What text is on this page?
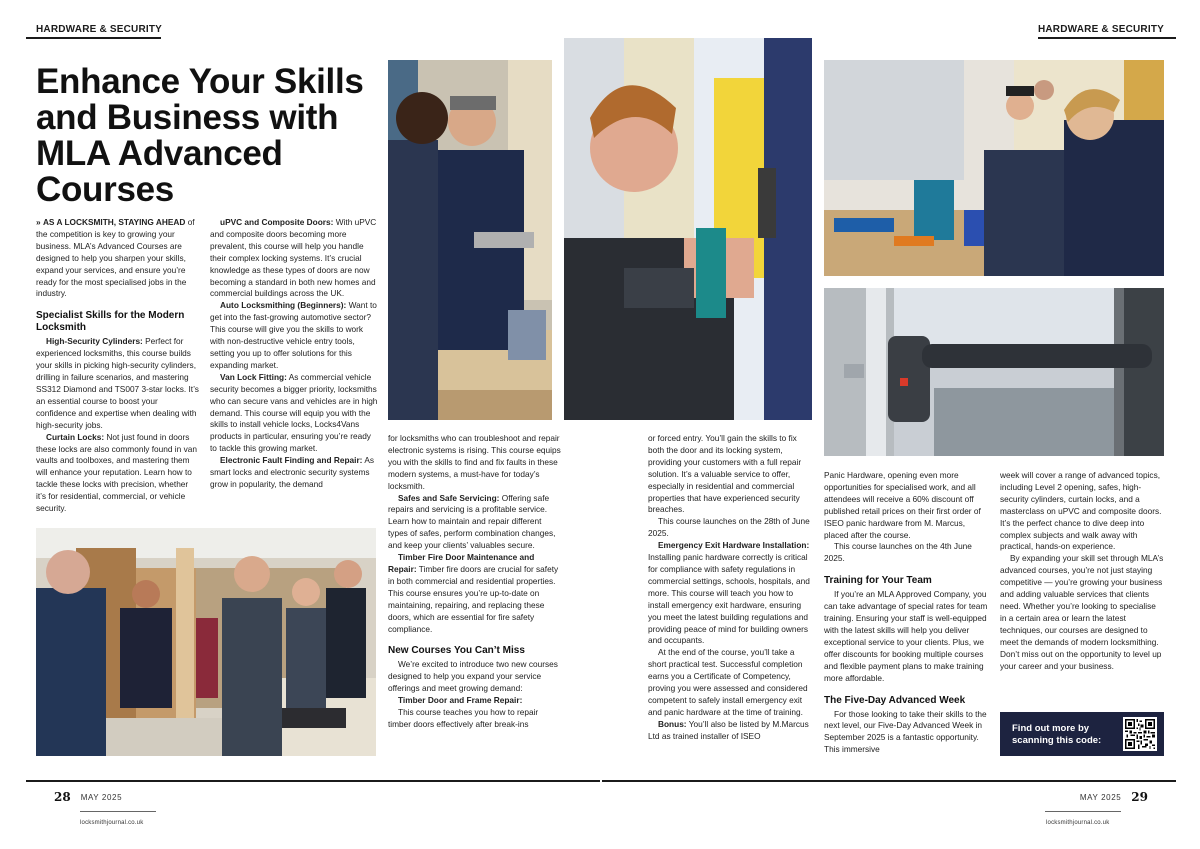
HARDWARE & SECURITY	HARDWARE & SECURITY
Enhance Your Skills and Business with MLA Advanced Courses

» AS A LOCKSMITH, STAYING AHEAD of the competition is key to growing your business. MLA’s Advanced Courses are designed to help you sharpen your skills, expand your services, and ensure you’re ready for the most specialised jobs in the industry.

Specialist Skills for the Modern Locksmith

High-Security Cylinders: Perfect for experienced locksmiths, this course builds your skills in picking high-security cylinders, drilling in failure scenarios, and mastering SS312 Diamond and TS007 3-star locks. It’s an essential course to boost your confidence and expertise when dealing with high-security jobs.

Curtain Locks: Not just found in doors these locks are also commonly found in van vaults and toolboxes, and mastering them will enhance your reputation. Learn how to tackle these locks with precision, whether it’s for residential, commercial, or vehicle security.

uPVC and Composite Doors: With uPVC and composite doors becoming more prevalent, this course will help you handle their complex locking systems. It’s crucial knowledge as these types of doors are now becoming a standard in both new homes and commercial buildings across the UK.

Auto Locksmithing (Beginners): Want to get into the fast-growing automotive sector? This course will give you the skills to work with non-destructive vehicle entry tools, setting you up to offer solutions for this expanding market.

Van Lock Fitting: As commercial vehicle security becomes a bigger priority, locksmiths who can secure vans and vehicles are in high demand. This course will equip you with the skills to install vehicle locks, Locks4Vans products in particular, ensuring you’re ready to tackle this growing market.

Electronic Fault Finding and Repair: As smart locks and electronic security systems grow in popularity, the demand

for locksmiths who can troubleshoot and repair electronic systems is rising. This course equips you with the skills to find and fix faults in these modern systems, a must-have for today’s locksmith.

Safes and Safe Servicing: Offering safe repairs and servicing is a profitable service. Learn how to maintain and repair different types of safes, perform combination changes, and keep your clients’ valuables secure.

Timber Fire Door Maintenance and Repair: Timber fire doors are crucial for safety in both commercial and residential properties. This course ensures you’re up-to-date on maintaining, repairing, and replacing these doors, which are essential for fire safety compliance.

New Courses You Can’t Miss

We’re excited to introduce two new courses designed to help you expand your service offerings and meet growing demand:

Timber Door and Frame Repair:

This course teaches you how to repair timber doors effectively after break-ins

or forced entry. You’ll gain the skills to fix both the door and its locking system, providing your customers with a full repair solution. It’s a valuable service to offer, especially in residential and commercial properties that have experienced security breaches.

This course launches on the 28th of June 2025.

Emergency Exit Hardware Installation:

Installing panic hardware correctly is critical for compliance with safety regulations in commercial settings, schools, hospitals, and more. This course will teach you how to install emergency exit hardware, ensuring you meet the latest building regulations and providing peace of mind for building owners and occupants.

At the end of the course, you’ll take a short practical test. Successful completion earns you a Certificate of Competency, proving you were assessed and considered competent to safely install emergency exit and panic hardware at the time of training.

Bonus: You’ll also be listed by M.Marcus Ltd as trained installer of ISEO

Panic Hardware, opening even more opportunities for specialised work, and all attendees will receive a 60% discount off published retail prices on their first order of ISEO panic hardware from M. Marcus, placed after the course.

This course launches on the 4th June 2025.

Training for Your Team

If you’re an MLA Approved Company, you can take advantage of special rates for team training. Ensuring your staff is well-equipped with the latest skills will help you deliver exceptional service to your clients. Plus, we offer discounts for booking multiple courses and flexible payment plans to make training more affordable.

The Five-Day Advanced Week

For those looking to take their skills to the next level, our Five-Day Advanced Week in September 2025 is a fantastic opportunity. This immersive

week will cover a range of advanced topics, including Level 2 opening, safes, high-security cylinders, curtain locks, and a masterclass on uPVC and composite doors. It’s the perfect chance to dive deep into complex subjects and walk away with practical, hands-on experience.

By expanding your skill set through MLA’s advanced courses, you’re not just staying competitive — you’re growing your business and adding valuable services that clients need. Whether you’re looking to specialise in a certain area or learn the latest techniques, our courses are designed to meet the demands of modern locksmithing. Don’t miss out on the opportunity to level up your career and your business.

Find out more by scanning this code:
28 MAY 2025	MAY 2025 29
locksmithjournal.co.uk	locksmithjournal.co.uk
